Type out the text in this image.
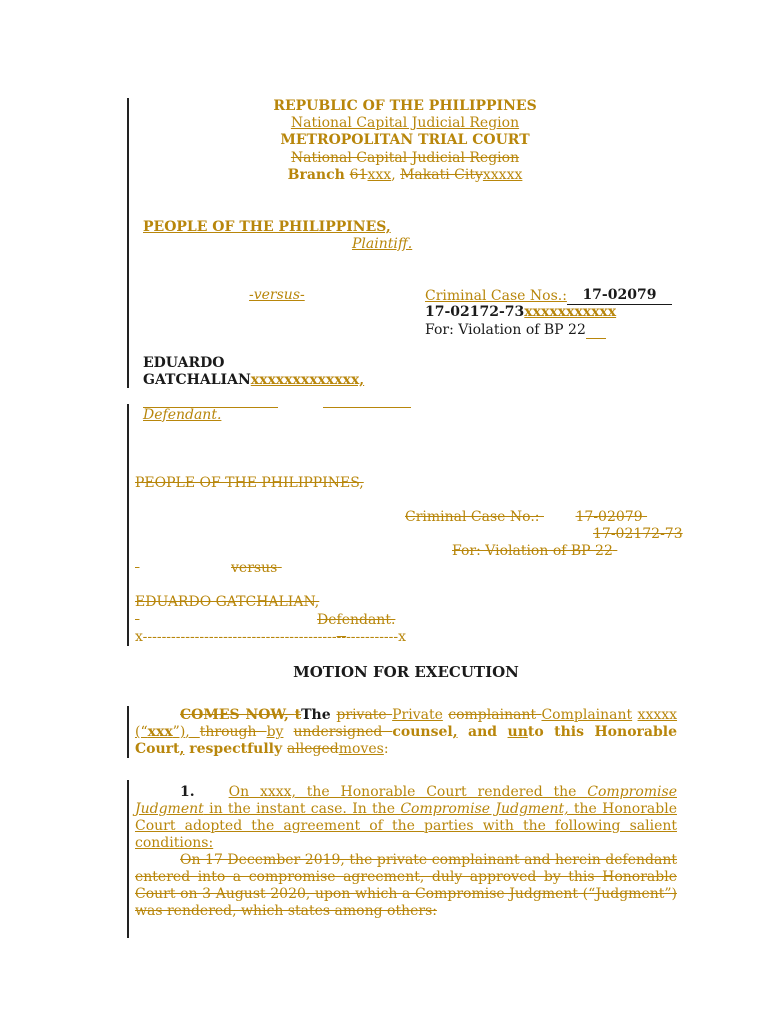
REPUBLIC OF THE PHILIPPINES
National Capital Judicial Region
METROPOLITAN TRIAL COURT
National Capital Judicial Region
Branch 61xxx, Makati Cityxxxxx
PEOPLE OF THE PHILIPPINES,
Plaintiff.
-versus-	Criminal Case Nos.: 17-02079
17-02172-73xxxxxxxxxxx
For: Violation of BP 22
EDUARDO
GATCHALIANxxxxxxxxxxxxx,

Defendant.
PEOPLE OF THE PHILIPPINES,
Criminal Case No.:	17-02079
17-02172-73
For: Violation of BP 22
versus
EDUARDO GATCHALIAN,
Defendant.
x------------------------------------------------------x
MOTION FOR EXECUTION
COMES NOW, tThe private Private complainant Complainant xxxxx (“xxx”), through by undersigned counsel, and unto this Honorable Court, respectfully allegedmoves:
1. On xxxx, the Honorable Court rendered the Compromise Judgment in the instant case. In the Compromise Judgment, the Honorable Court adopted the agreement of the parties with the following salient conditions:
On 17 December 2019, the private complainant and herein defendant entered into a compromise agreement, duly approved by this Honorable Court on 3 August 2020, upon which a Compromise Judgment (“Judgment”) was rendered, which states among others:
